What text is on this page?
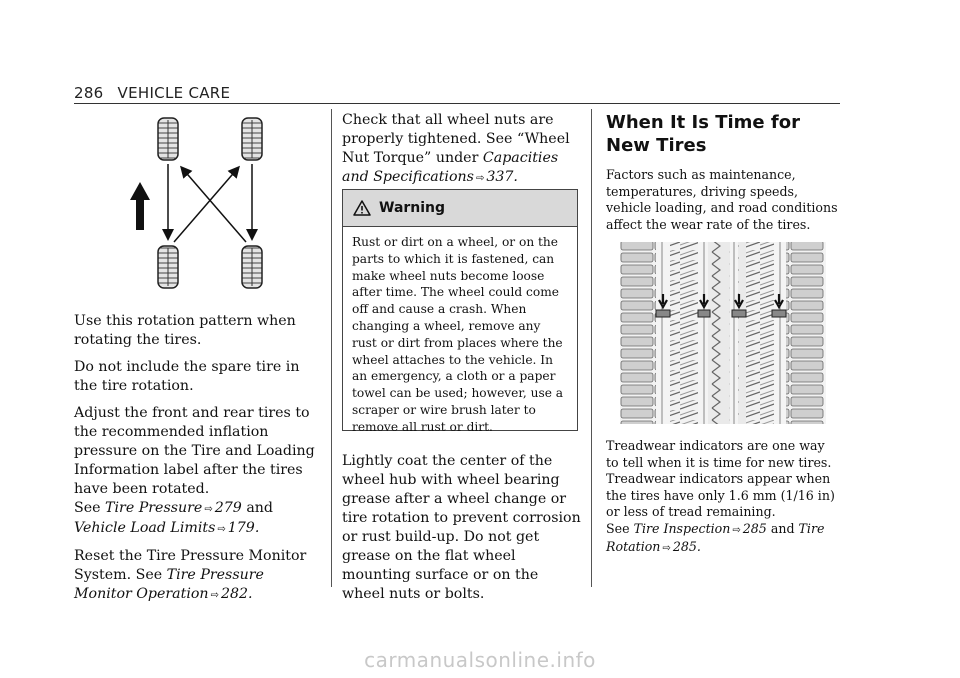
286 VEHICLE CARE

Use this rotation pattern when rotating the tires.

Do not include the spare tire in the tire rotation.

Adjust the front and rear tires to the recommended inflation pressure on the Tire and Loading Information label after the tires have been rotated.

See Tire Pressure ⇨ 279 and Vehicle Load Limits ⇨ 179.

Reset the Tire Pressure Monitor System. See Tire Pressure Monitor Operation ⇨ 282.

Check that all wheel nuts are properly tightened. See “Wheel Nut Torque” under Capacities and Specifications ⇨ 337.

Warning
Rust or dirt on a wheel, or on the parts to which it is fastened, can make wheel nuts become loose after time. The wheel could come off and cause a crash. When changing a wheel, remove any rust or dirt from places where the wheel attaches to the vehicle. In an emergency, a cloth or a paper towel can be used; however, use a scraper or wire brush later to remove all rust or dirt.

Lightly coat the center of the wheel hub with wheel bearing grease after a wheel change or tire rotation to prevent corrosion or rust build-up. Do not get grease on the flat wheel mounting surface or on the wheel nuts or bolts.

When It Is Time for New Tires

Factors such as maintenance, temperatures, driving speeds, vehicle loading, and road conditions affect the wear rate of the tires.

Treadwear indicators are one way to tell when it is time for new tires. Treadwear indicators appear when the tires have only 1.6 mm (1/16 in) or less of tread remaining.

See Tire Inspection ⇨ 285 and Tire Rotation ⇨ 285.

carmanualsonline.info
